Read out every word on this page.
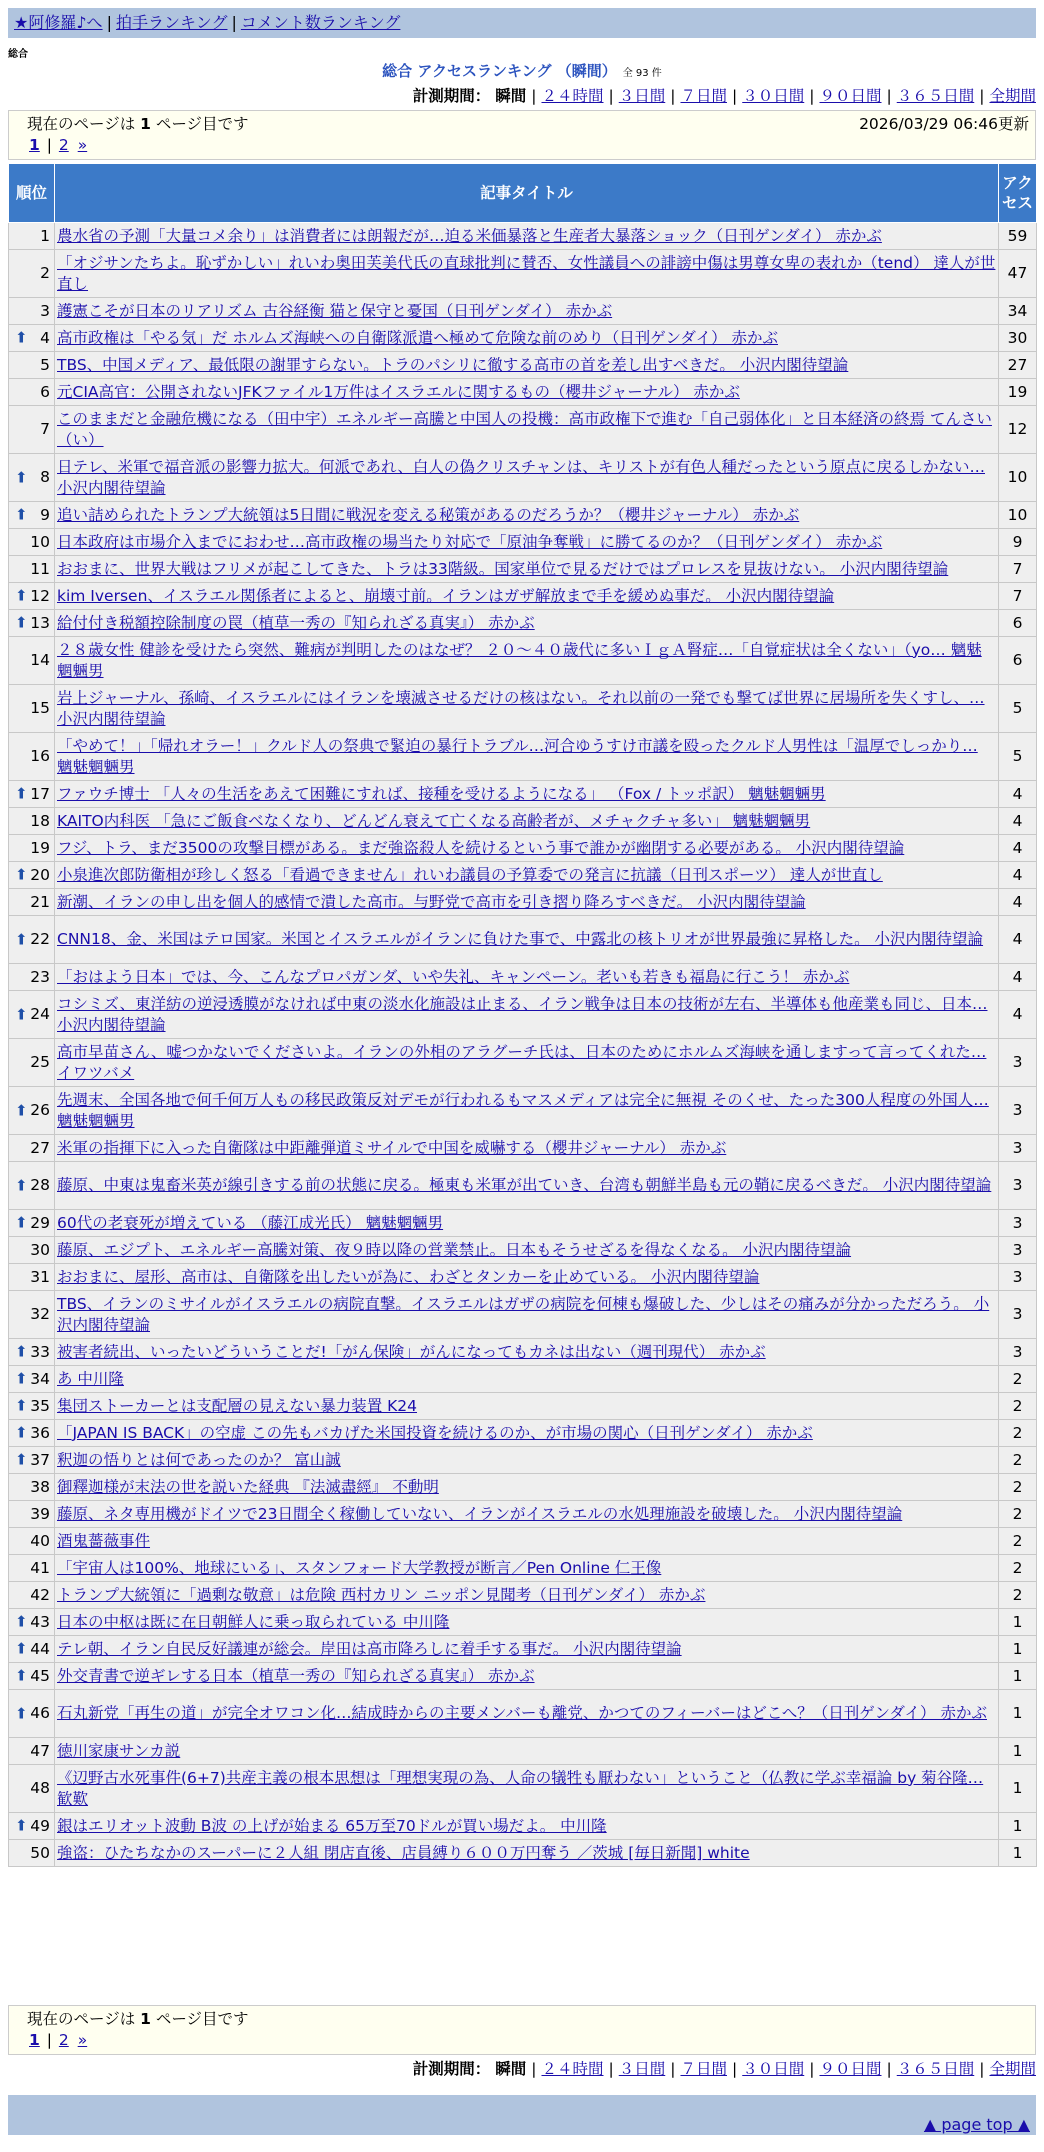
★阿修羅♪へ | 拍手ランキング | コメント数ランキング
総合
総合 アクセスランキング （瞬間） 全 93 件
計測期間： 瞬間 | ２４時間 | ３日間 | ７日間 | ３０日間 | ９０日間 | ３６５日間 | 全期間
現在のページは 1 ページ目です	2026/03/29 06:46更新
1 | 2 »
順位	記事タイトル	アクセス
1	農水省の予測「大量コメ余り」は消費者には朗報だが…迫る米価暴落と生産者大暴落ショック（日刊ゲンダイ） 赤かぶ	59
2	「オジサンたちよ。恥ずかしい」れいわ奥田芙美代氏の直球批判に賛否、女性議員への誹謗中傷は男尊女卑の表れか（tend） 達人が世直し	47
3	護憲こそが日本のリアリズム 古谷経衡 猫と保守と憂国（日刊ゲンダイ） 赤かぶ	34

⬆ 4	高市政権は「やる気」だ ホルムズ海峡への自衛隊派遣へ極めて危険な前のめり（日刊ゲンダイ） 赤かぶ	30
5	TBS、中国メディア、最低限の謝罪すらない。トラのパシリに徹する高市の首を差し出すべきだ。 小沢内閣待望論	27
6	元CIA高官：公開されないJFKファイル1万件はイスラエルに関するもの（櫻井ジャーナル） 赤かぶ	19
7	このままだと金融危機になる（田中宇）エネルギー高騰と中国人の投機：高市政権下で進む「自己弱体化」と日本経済の終焉 てんさい（い）	12

⬆ 8	日テレ、米軍で福音派の影響力拡大。何派であれ、白人の偽クリスチャンは、キリストが有色人種だったという原点に戻るしかない… 小沢内閣待望論	10

⬆ 9	追い詰められたトランプ大統領は5日間に戦況を変える秘策があるのだろうか？（櫻井ジャーナル） 赤かぶ	10
10	日本政府は市場介入までにおわせ…高市政権の場当たり対応で「原油争奪戦」に勝てるのか？（日刊ゲンダイ） 赤かぶ	9
11	おおまに、世界大戦はフリメが起こしてきた、トラは33階級。国家単位で見るだけではプロレスを見抜けない。 小沢内閣待望論	7

⬆ 12	kim Iversen、イスラエル関係者によると、崩壊寸前。イランはガザ解放まで手を緩めぬ事だ。 小沢内閣待望論	7

⬆ 13	給付付き税額控除制度の罠（植草一秀の『知られざる真実』） 赤かぶ	6
14	２８歳女性 健診を受けたら突然、難病が判明したのはなぜ？ ２０～４０歳代に多いＩｇＡ腎症…「自覚症状は全くない」（yo… 魑魅魍魎男	6
15	岩上ジャーナル、孫崎、イスラエルにはイランを壊滅させるだけの核はない。それ以前の一発でも撃てば世界に居場所を失くすし、… 小沢内閣待望論	5
16	「やめて！」「帰れオラー！」クルド人の祭典で緊迫の暴行トラブル…河合ゆうすけ市議を殴ったクルド人男性は「温厚でしっかり… 魑魅魍魎男	5

⬆ 17	ファウチ博士 「人々の生活をあえて困難にすれば、接種を受けるようになる」 （Fox / トッポ訳） 魑魅魍魎男	4
18	KAITO内科医 「急にご飯食べなくなり、どんどん衰えて亡くなる高齢者が、メチャクチャ多い」 魑魅魍魎男	4
19	フジ、トラ、まだ3500の攻撃目標がある。まだ強盗殺人を続けるという事で誰かが幽閉する必要がある。 小沢内閣待望論	4

⬆ 20	小泉進次郎防衛相が珍しく怒る「看過できません」れいわ議員の予算委での発言に抗議（日刊スポーツ） 達人が世直し	4
21	新潮、イランの申し出を個人的感情で潰した高市。与野党で高市を引き摺り降ろすべきだ。 小沢内閣待望論	4

⬆ 22	CNN18、金、米国はテロ国家。米国とイスラエルがイランに負けた事で、中露北の核トリオが世界最強に昇格した。 小沢内閣待望論	4
23	「おはよう日本」では、今、こんなプロパガンダ、いや失礼、キャンペーン。老いも若きも福島に行こう！ 赤かぶ	4

⬆ 24	コシミズ、東洋紡の逆浸透膜がなければ中東の淡水化施設は止まる、イラン戦争は日本の技術が左右、半導体も他産業も同じ、日本… 小沢内閣待望論	4
25	高市早苗さん、嘘つかないでくださいよ。イランの外相のアラグーチ氏は、日本のためにホルムズ海峡を通しますって言ってくれた… イワツバメ	3

⬆ 26	先週末、全国各地で何千何万人もの移民政策反対デモが行われるもマスメディアは完全に無視 そのくせ、たった300人程度の外国人… 魑魅魍魎男	3
27	米軍の指揮下に入った自衛隊は中距離弾道ミサイルで中国を威嚇する（櫻井ジャーナル） 赤かぶ	3

⬆ 28	藤原、中東は鬼畜米英が線引きする前の状態に戻る。極東も米軍が出ていき、台湾も朝鮮半島も元の鞘に戻るべきだ。 小沢内閣待望論	3

⬆ 29	60代の老衰死が増えている （藤江成光氏） 魑魅魍魎男	3
30	藤原、エジプト、エネルギー高騰対策、夜９時以降の営業禁止。日本もそうせざるを得なくなる。 小沢内閣待望論	3
31	おおまに、屋形、高市は、自衛隊を出したいが為に、わざとタンカーを止めている。 小沢内閣待望論	3
32	TBS、イランのミサイルがイスラエルの病院直撃。イスラエルはガザの病院を何棟も爆破した、少しはその痛みが分かっただろう。 小沢内閣待望論	3

⬆ 33	被害者続出、いったいどういうことだ!「がん保険」がんになってもカネは出ない（週刊現代） 赤かぶ	3

⬆ 34	あ 中川隆	2

⬆ 35	集団ストーカーとは支配層の見えない暴力装置 K24	2

⬆ 36	「JAPAN IS BACK」の空虚 この先もバカげた米国投資を続けるのか、が市場の関心（日刊ゲンダイ） 赤かぶ	2

⬆ 37	釈迦の悟りとは何であったのか？ 富山誠	2
38	御釋迦様が末法の世を説いた経典 『法滅盡經』 不動明	2
39	藤原、ネタ専用機がドイツで23日間全く稼働していない、イランがイスラエルの水処理施設を破壊した。 小沢内閣待望論	2
40	酒鬼薔薇事件	2
41	「宇宙人は100%、地球にいる」、スタンフォード大学教授が断言／Pen Online 仁王像	2
42	トランプ大統領に「過剰な敬意」は危険 西村カリン ニッポン見聞考（日刊ゲンダイ） 赤かぶ	2

⬆ 43	日本の中枢は既に在日朝鮮人に乗っ取られている 中川隆	1

⬆ 44	テレ朝、イラン自民反好議連が総会。岸田は高市降ろしに着手する事だ。 小沢内閣待望論	1

⬆ 45	外交青書で逆ギレする日本（植草一秀の『知られざる真実』） 赤かぶ	1

⬆ 46	石丸新党「再生の道」が完全オワコン化…結成時からの主要メンバーも離党、かつてのフィーバーはどこへ？（日刊ゲンダイ） 赤かぶ	1
47	徳川家康サンカ説	1
48	《辺野古水死事件(6+7)共産主義の根本思想は「理想実現の為、人命の犠牲も厭わない」ということ（仏教に学ぶ幸福論 by 菊谷隆… 歓歎	1

⬆ 49	銀はエリオット波動 B波 の上げが始まる 65万至70ドルが買い場だよ。 中川隆	1
50	強盗：ひたちなかのスーパーに２人組 閉店直後、店員縛り６００万円奪う ／茨城 [毎日新聞] white	1
現在のページは 1 ページ目です
1 | 2 »
計測期間： 瞬間 | ２４時間 | ３日間 | ７日間 | ３０日間 | ９０日間 | ３６５日間 | 全期間
▲ page top ▲
